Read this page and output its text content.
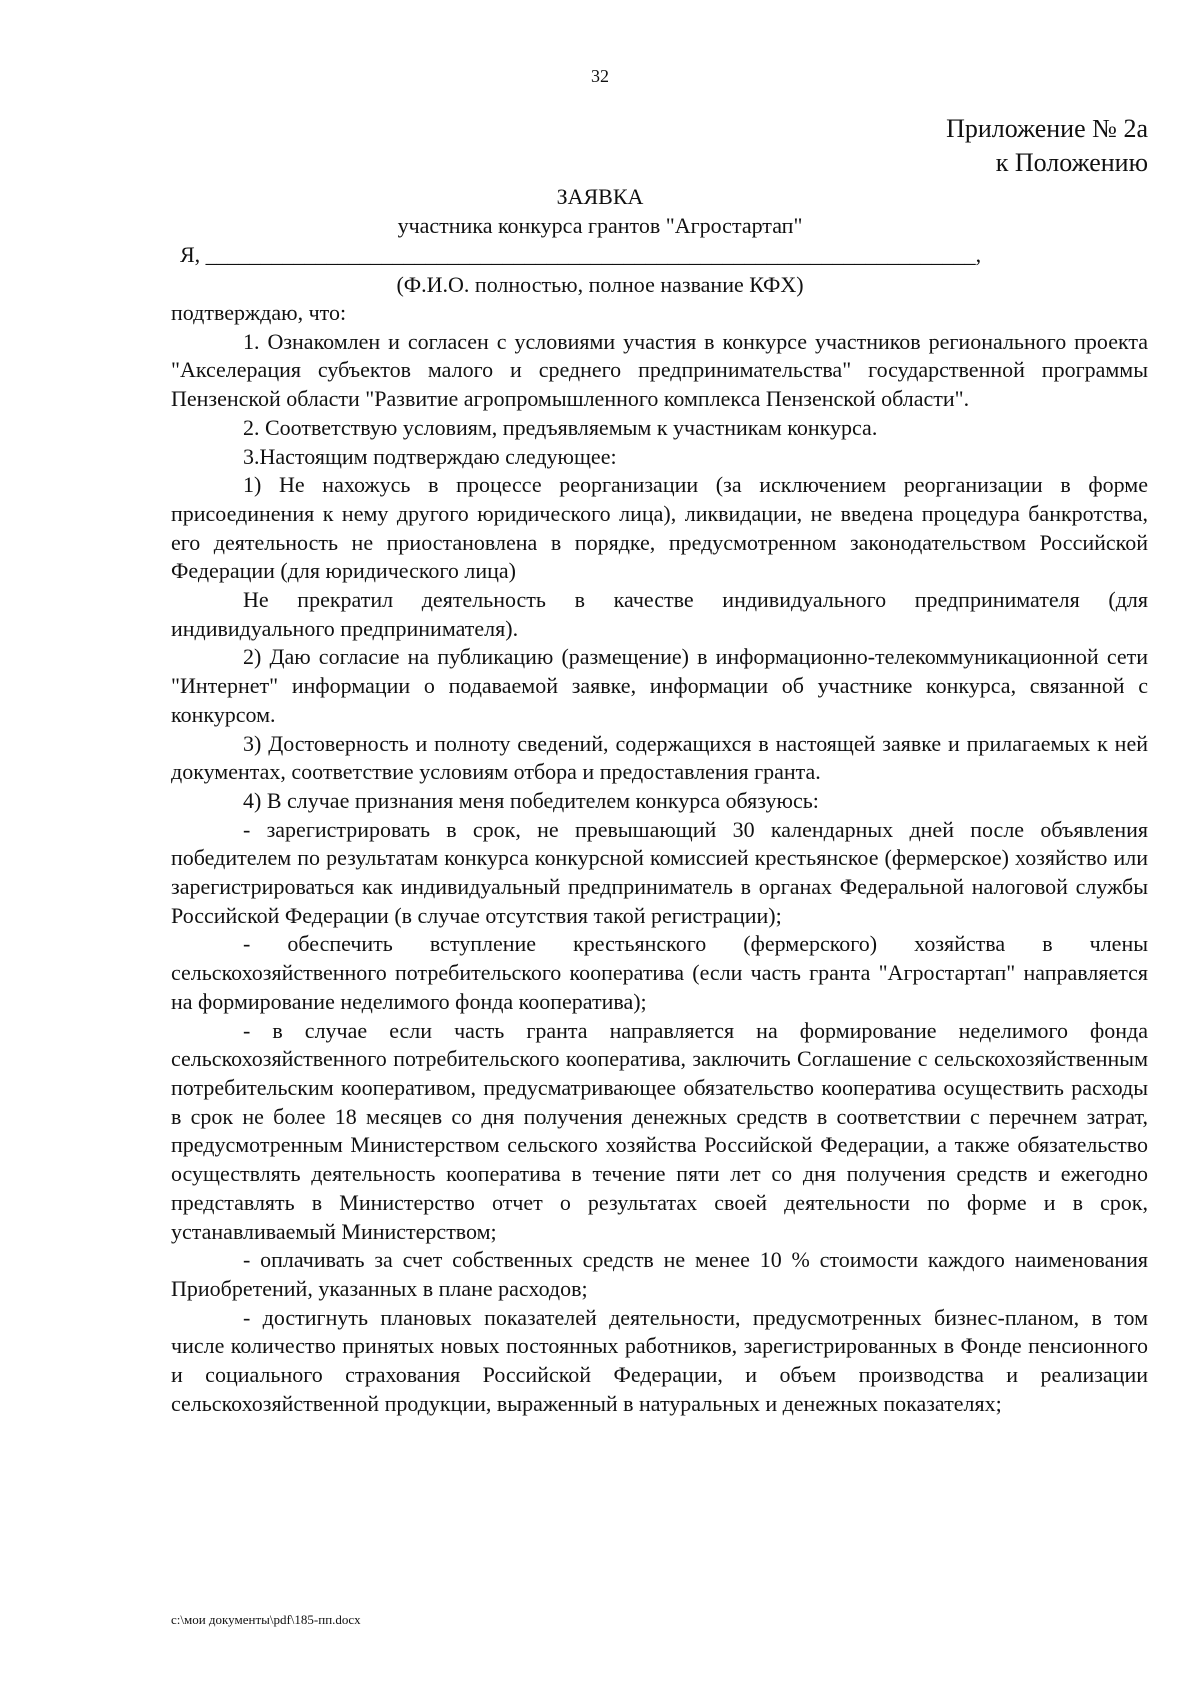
32
Приложение № 2а
к Положению
ЗАЯВКА
участника конкурса грантов "Агростартап"
Я, ______________________________________________________________________,
(Ф.И.О. полностью, полное название КФХ)

подтверждаю, что:

1. Ознакомлен и согласен с условиями участия в конкурсе участников регионального проекта "Акселерация субъектов малого и среднего предпринимательства" государственной программы Пензенской области "Развитие агропромышленного комплекса Пензенской области".

2. Соответствую условиям, предъявляемым к участникам конкурса.

3.Настоящим подтверждаю следующее:

1) Не нахожусь в процессе реорганизации (за исключением реорганизации в форме присоединения к нему другого юридического лица), ликвидации, не введена процедура банкротства, его деятельность не приостановлена в порядке, предусмотренном законодательством Российской Федерации (для юридического лица)

Не прекратил деятельность в качестве индивидуального предпринимателя (для индивидуального предпринимателя).

2) Даю согласие на публикацию (размещение) в информационно-телекоммуникационной сети "Интернет" информации о подаваемой заявке, информации об участнике конкурса, связанной с конкурсом.

3) Достоверность и полноту сведений, содержащихся в настоящей заявке и прилагаемых к ней документах, соответствие условиям отбора и предоставления гранта.

4) В случае признания меня победителем конкурса обязуюсь:

- зарегистрировать в срок, не превышающий 30 календарных дней после объявления победителем по результатам конкурса конкурсной комиссией крестьянское (фермерское) хозяйство или зарегистрироваться как индивидуальный предприниматель в органах Федеральной налоговой службы Российской Федерации (в случае отсутствия такой регистрации);

- обеспечить вступление крестьянского (фермерского) хозяйства в члены сельскохозяйственного потребительского кооператива (если часть гранта "Агростартап" направляется на формирование неделимого фонда кооператива);

- в случае если часть гранта направляется на формирование неделимого фонда сельскохозяйственного потребительского кооператива, заключить Соглашение с сельскохозяйственным потребительским кооперативом, предусматривающее обязательство кооператива осуществить расходы в срок не более 18 месяцев со дня получения денежных средств в соответствии с перечнем затрат, предусмотренным Министерством сельского хозяйства Российской Федерации, а также обязательство осуществлять деятельность кооператива в течение пяти лет со дня получения средств и ежегодно представлять в Министерство отчет о результатах своей деятельности по форме и в срок, устанавливаемый Министерством;

- оплачивать за счет собственных средств не менее 10 % стоимости каждого наименования Приобретений, указанных в плане расходов;

- достигнуть плановых показателей деятельности, предусмотренных бизнес-планом, в том числе количество принятых новых постоянных работников, зарегистрированных в Фонде пенсионного и социального страхования Российской Федерации, и объем производства и реализации сельскохозяйственной продукции, выраженный в натуральных и денежных показателях;

c:\мои документы\pdf\185-пп.docx
